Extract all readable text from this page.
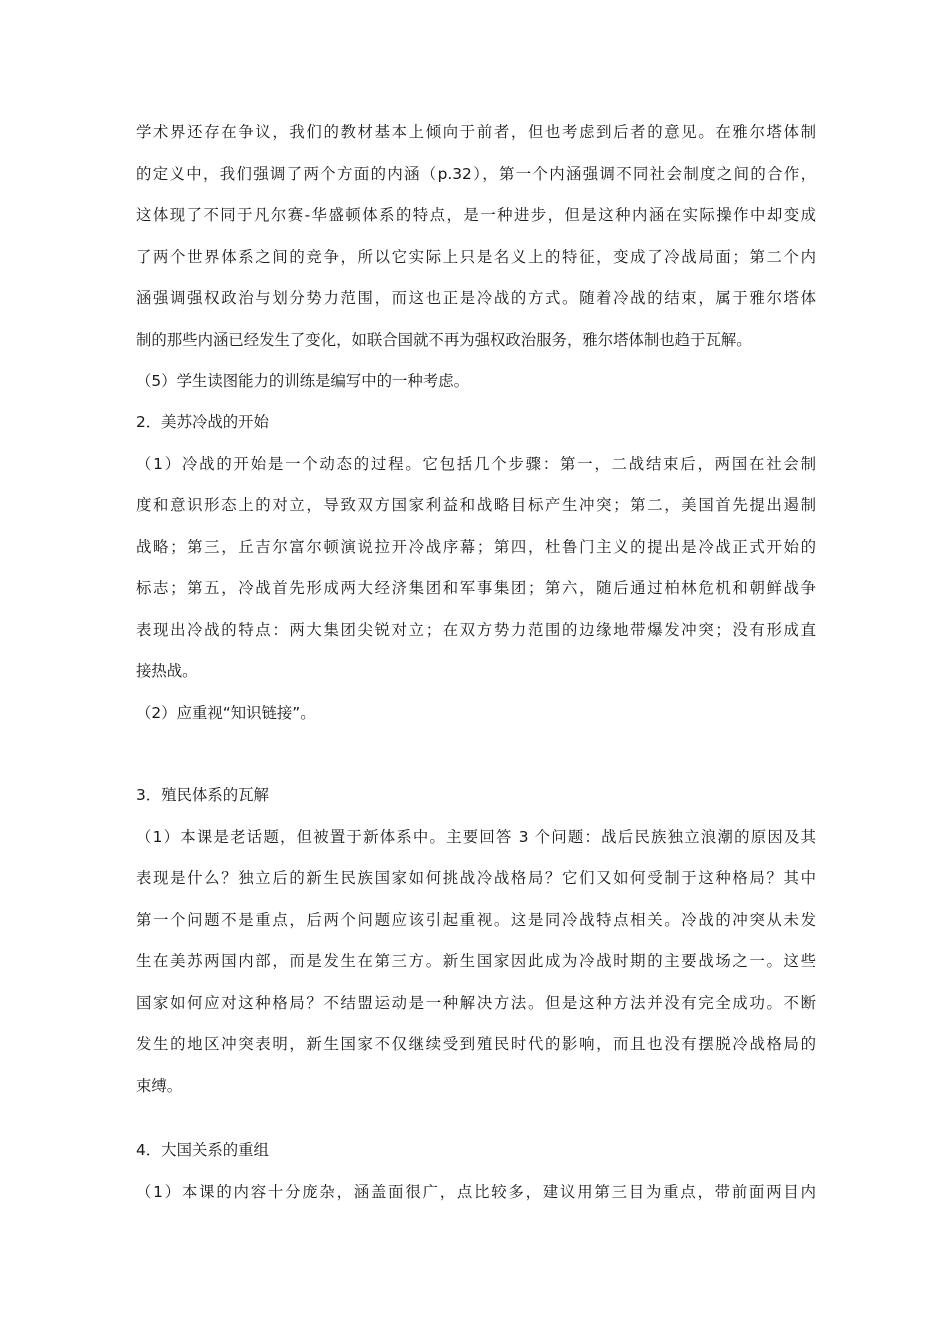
学术界还存在争议，我们的教材基本上倾向于前者，但也考虑到后者的意见。在雅尔塔体制
的定义中，我们强调了两个方面的内涵（p.32），第一个内涵强调不同社会制度之间的合作，
这体现了不同于凡尔赛-华盛顿体系的特点，是一种进步，但是这种内涵在实际操作中却变成
了两个世界体系之间的竞争，所以它实际上只是名义上的特征，变成了冷战局面；第二个内
涵强调强权政治与划分势力范围，而这也正是冷战的方式。随着冷战的结束，属于雅尔塔体
制的那些内涵已经发生了变化，如联合国就不再为强权政治服务，雅尔塔体制也趋于瓦解。
（5）学生读图能力的训练是编写中的一种考虑。
2．美苏冷战的开始
（1）冷战的开始是一个动态的过程。它包括几个步骤：第一，二战结束后，两国在社会制
度和意识形态上的对立，导致双方国家利益和战略目标产生冲突；第二，美国首先提出遏制
战略；第三，丘吉尔富尔顿演说拉开冷战序幕；第四，杜鲁门主义的提出是冷战正式开始的
标志；第五，冷战首先形成两大经济集团和军事集团；第六，随后通过柏林危机和朝鲜战争
表现出冷战的特点：两大集团尖锐对立；在双方势力范围的边缘地带爆发冲突；没有形成直
接热战。
（2）应重视“知识链接”。
3．殖民体系的瓦解
（1）本课是老话题，但被置于新体系中。主要回答 3 个问题：战后民族独立浪潮的原因及其
表现是什么？独立后的新生民族国家如何挑战冷战格局？它们又如何受制于这种格局？其中
第一个问题不是重点，后两个问题应该引起重视。这是同冷战特点相关。冷战的冲突从未发
生在美苏两国内部，而是发生在第三方。新生国家因此成为冷战时期的主要战场之一。这些
国家如何应对这种格局？不结盟运动是一种解决方法。但是这种方法并没有完全成功。不断
发生的地区冲突表明，新生国家不仅继续受到殖民时代的影响，而且也没有摆脱冷战格局的
束缚。
4．大国关系的重组
（1）本课的内容十分庞杂，涵盖面很广，点比较多，建议用第三目为重点，带前面两目内
